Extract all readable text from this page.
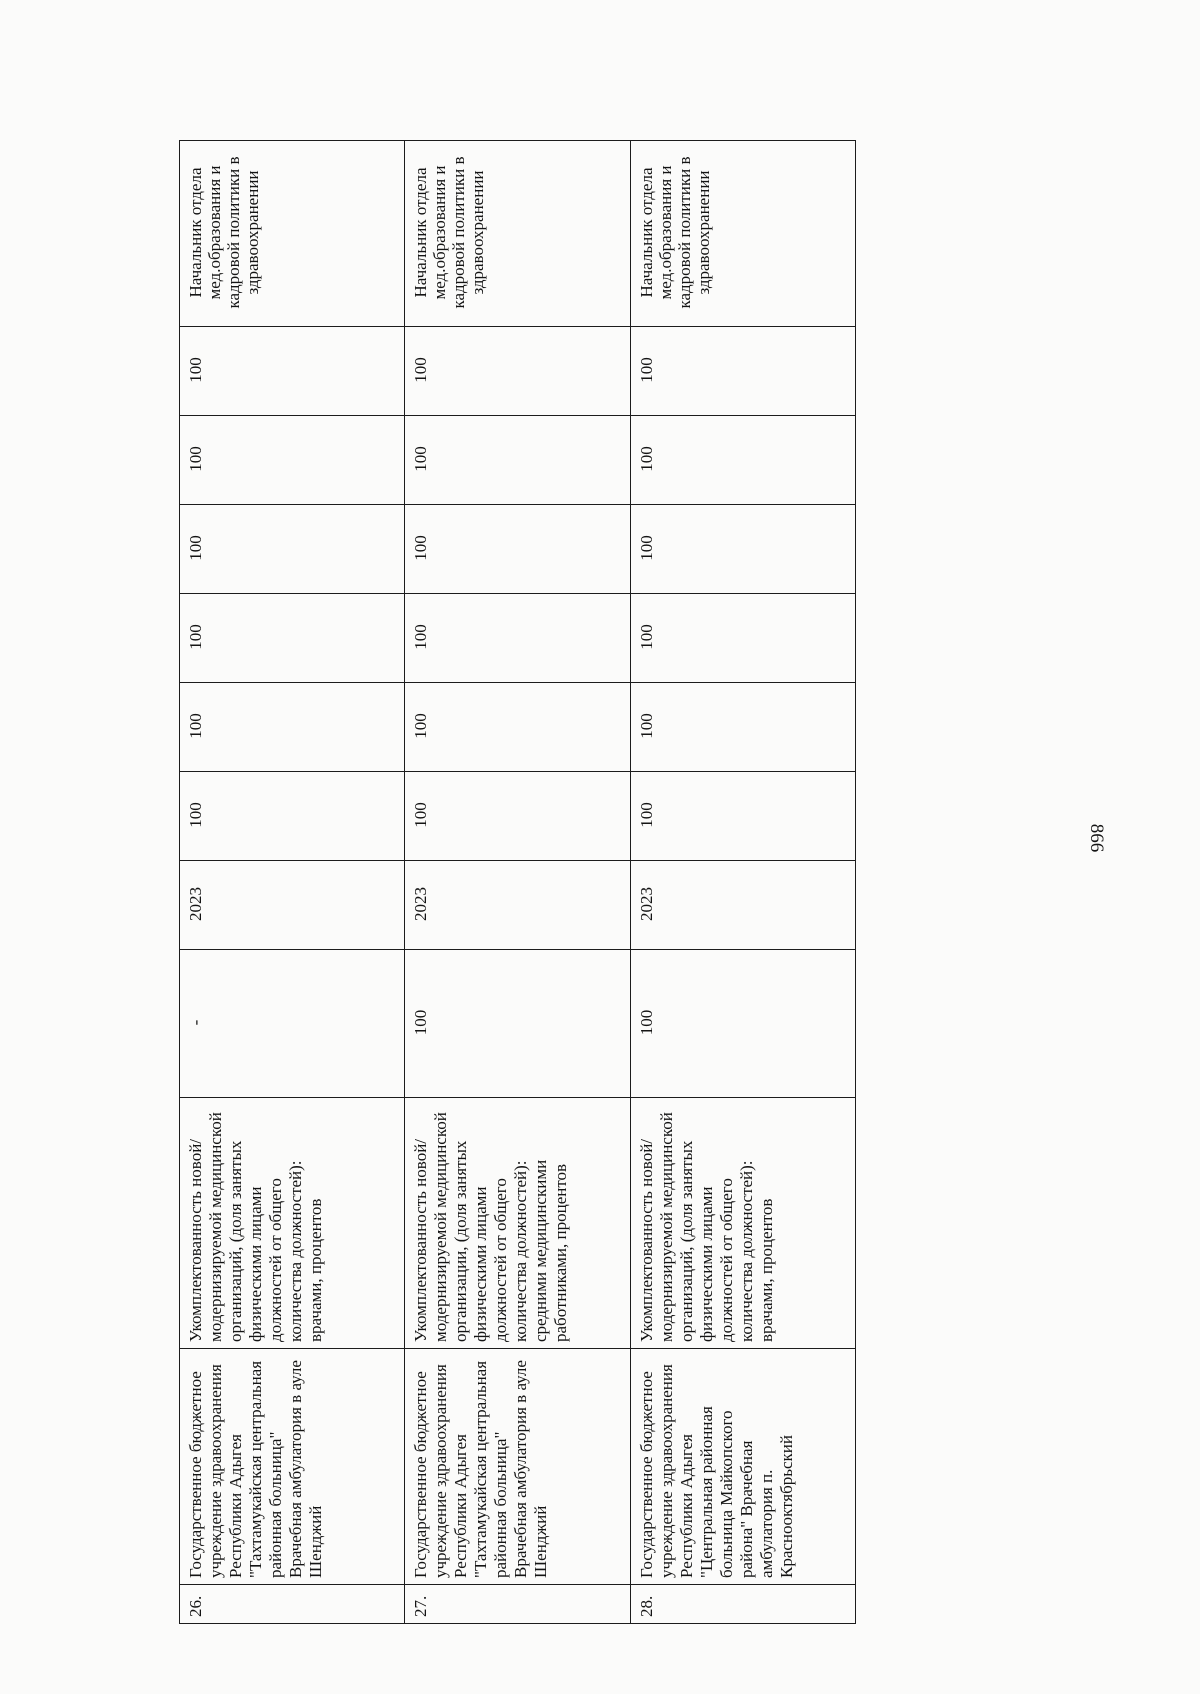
26.	Государственное бюджетное учреждение здравоохранения Республики Адыгея "Тахтамукайская центральная районная больница" Врачебная амбулатория в ауле Шенджий	Укомплектованность новой/модернизируемой медицинской организаций, (доля занятых физическими лицами должностей от общего количества должностей): врачами, процентов	-	2023	100	100	100	100	100	100	Начальник отдела мед.образования и кадровой политики в здравоохранении
27.	Государственное бюджетное учреждение здравоохранения Республики Адыгея "Тахтамукайская центральная районная больница" Врачебная амбулатория в ауле Шенджий	Укомплектованность новой/модернизируемой медицинской организации, (доля занятых физическими лицами должностей от общего количества должностей): средними медицинскими работниками, процентов	100	2023	100	100	100	100	100	100	Начальник отдела мед.образования и кадровой политики в здравоохранении
28.	Государственное бюджетное учреждение здравоохранения Республики Адыгея "Центральная районная больница Майкопского района" Врачебная амбулатория п. Краснооктябрьский	Укомплектованность новой/модернизируемой медицинской организаций, (доля занятых физическими лицами должностей от общего количества должностей): врачами, процентов	100	2023	100	100	100	100	100	100	Начальник отдела мед.образования и кадровой политики в здравоохранении
866
